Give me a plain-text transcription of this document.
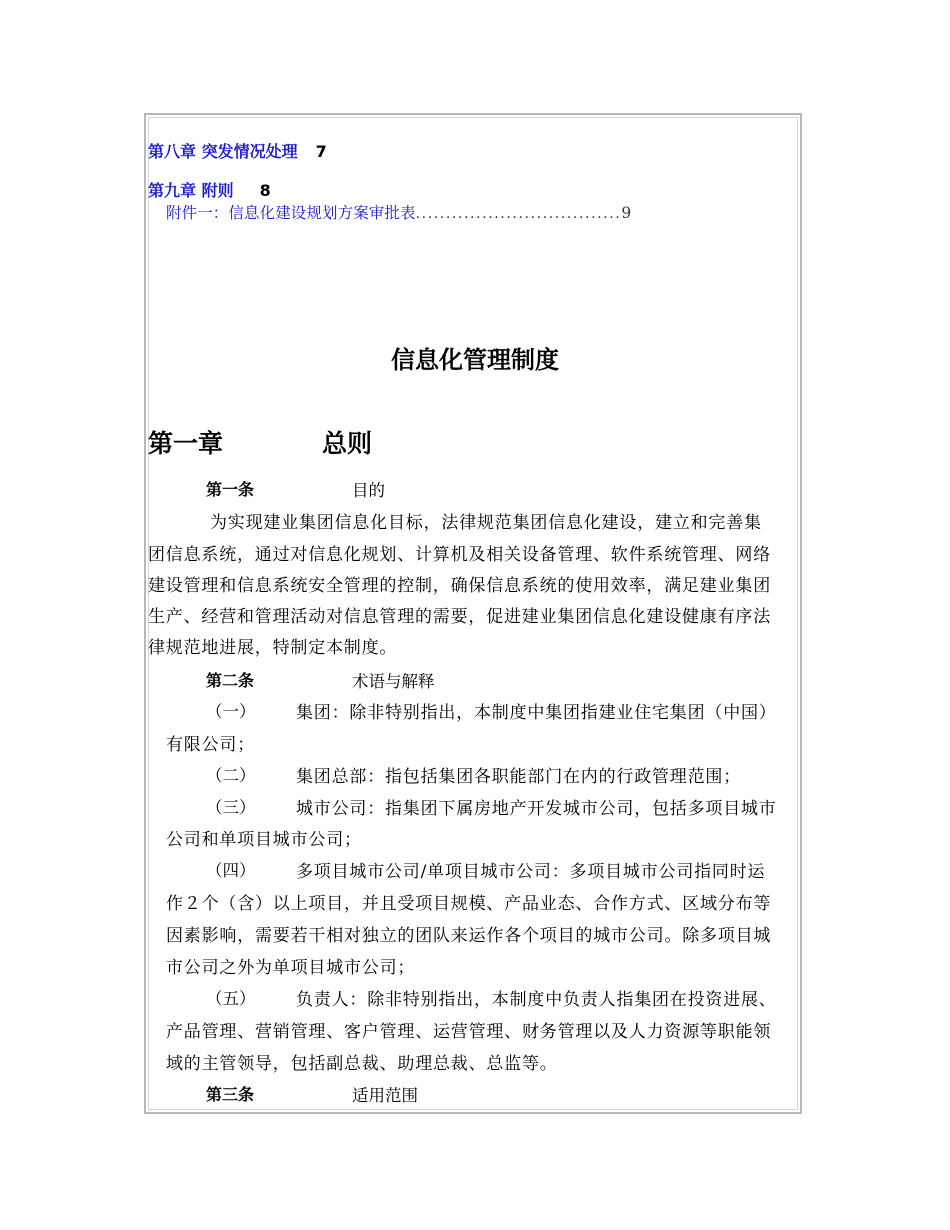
第八章 突发情况处理 7
第九章 附则 8
附件一：信息化建设规划方案审批表..................................9
信息化管理制度
第一章	总则
第一条	目的
为实现建业集团信息化目标，法律规范集团信息化建设，建立和完善集
团信息系统，通过对信息化规划、计算机及相关设备管理、软件系统管理、网络
建设管理和信息系统安全管理的控制，确保信息系统的使用效率，满足建业集团
生产、经营和管理活动对信息管理的需要，促进建业集团信息化建设健康有序法
律规范地进展，特制定本制度。
第二条	术语与解释
（一） 集团：除非特别指出，本制度中集团指建业住宅集团（中国）
有限公司；
（二） 集团总部：指包括集团各职能部门在内的行政管理范围；
（三） 城市公司：指集团下属房地产开发城市公司，包括多项目城市
公司和单项目城市公司；
（四） 多项目城市公司/单项目城市公司：多项目城市公司指同时运
作２个（含）以上项目，并且受项目规模、产品业态、合作方式、区域分布等
因素影响，需要若干相对独立的团队来运作各个项目的城市公司。除多项目城
市公司之外为单项目城市公司；
（五） 负责人：除非特别指出，本制度中负责人指集团在投资进展、
产品管理、营销管理、客户管理、运营管理、财务管理以及人力资源等职能领
域的主管领导，包括副总裁、助理总裁、总监等。
第三条	适用范围
